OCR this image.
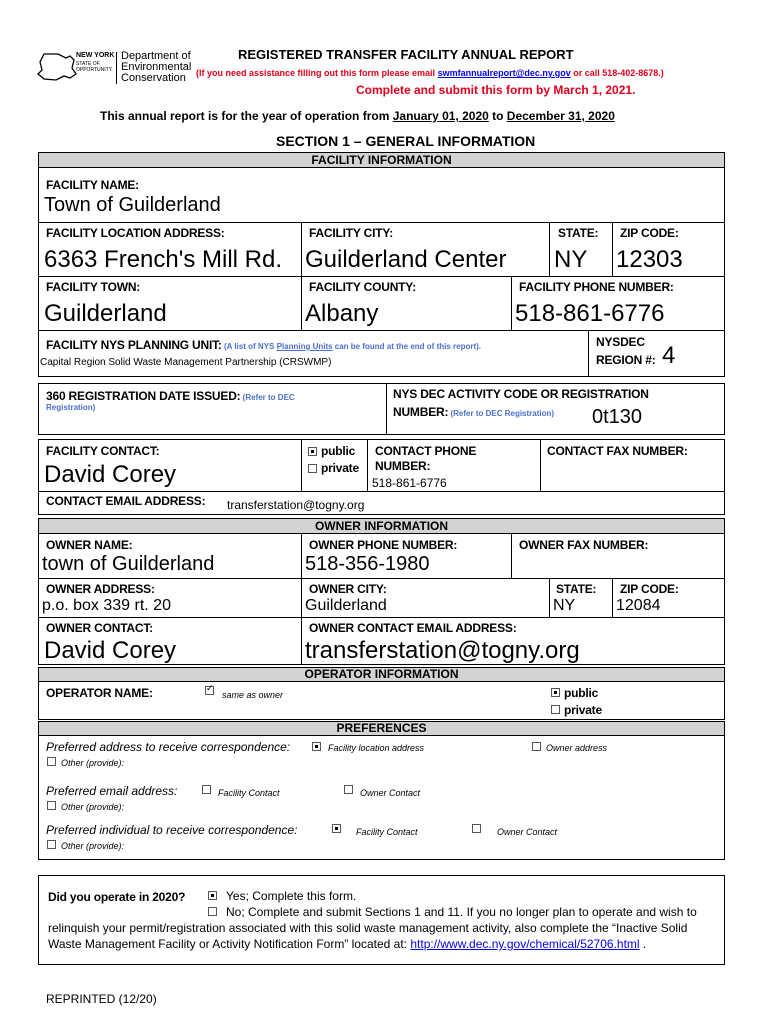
NEW YORK
STATE OF
OPPORTUNITY.
Department of
Environmental
Conservation
REGISTERED TRANSFER FACILITY ANNUAL REPORT
(If you need assistance filling out this form please email swmfannualreport@dec.ny.gov or call 518-402-8678.)
Complete and submit this form by March 1, 2021.
This annual report is for the year of operation from January 01, 2020 to December 31, 2020
SECTION 1 – GENERAL INFORMATION
FACILITY INFORMATION
FACILITY NAME:
Town of Guilderland
FACILITY LOCATION ADDRESS:
6363 French's Mill Rd.
FACILITY CITY:
Guilderland Center
STATE:
NY
ZIP CODE:
12303
FACILITY TOWN:
Guilderland
FACILITY COUNTY:
Albany
FACILITY PHONE NUMBER:
518-861-6776
FACILITY NYS PLANNING UNIT: (A list of NYS Planning Units can be found at the end of this report).
Capital Region Solid Waste Management Partnership (CRSWMP)
NYSDEC
REGION #: 4
360 REGISTRATION DATE ISSUED: (Refer to DEC
Registration)
NYS DEC ACTIVITY CODE OR REGISTRATION
NUMBER: (Refer to DEC Registration) 0t130
FACILITY CONTACT:
David Corey
public
private
CONTACT PHONE
NUMBER:
518-861-6776
CONTACT FAX NUMBER:
CONTACT EMAIL ADDRESS: transferstation@togny.org
OWNER INFORMATION
OWNER NAME:
town of Guilderland
OWNER PHONE NUMBER:
518-356-1980
OWNER FAX NUMBER:
OWNER ADDRESS:
p.o. box 339 rt. 20
OWNER CITY:
Guilderland
STATE:
NY
ZIP CODE:
12084
OWNER CONTACT:
David Corey
OWNER CONTACT EMAIL ADDRESS:
transferstation@togny.org
OPERATOR INFORMATION
OPERATOR NAME:
✓	same as owner	public
private
PREFERENCES
Preferred address to receive correspondence:	Facility location address	Owner address
Other (provide):
Preferred email address:	Facility Contact	Owner Contact
Other (provide):
Preferred individual to receive correspondence:	Facility Contact	Owner Contact
Other (provide):
Did you operate in 2020?	Yes; Complete this form.
No; Complete and submit Sections 1 and 11. If you no longer plan to operate and wish to
relinquish your permit/registration associated with this solid waste management activity, also complete the “Inactive Solid
Waste Management Facility or Activity Notification Form” located at: http://www.dec.ny.gov/chemical/52706.html .
REPRINTED (12/20)
